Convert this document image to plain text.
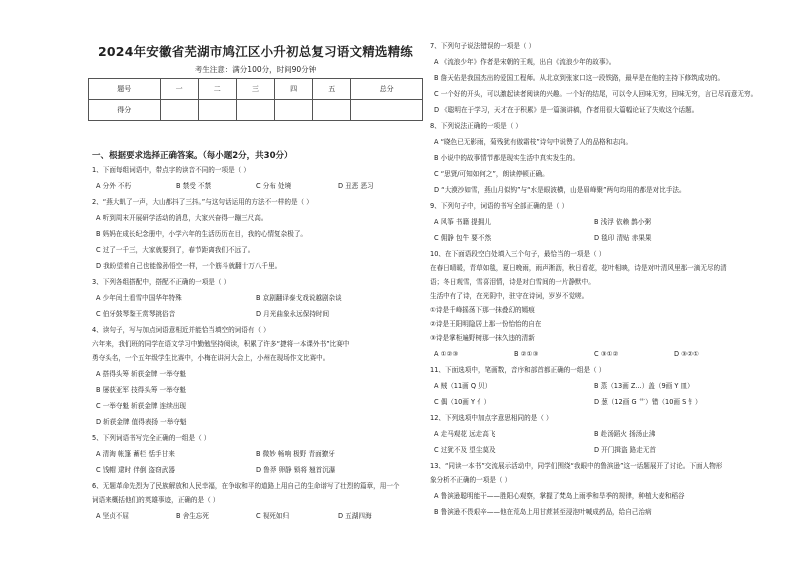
2024年安徽省芜湖市鸠江区小升初总复习语文精选精练
考生注意：满分100分，时间90分钟
题号	一	二	三	四	五	总分
得分						
一、根据要求选择正确答案。（每小题2分，共30分）
1、下面每组词语中，带点字的读音不同的一项是（ ）
A 分外 不朽	B 禁受 不禁	C 分布 处境	D 丑恶 恶习
2、“燕大虮了一声，大山都抖了三抖。”与这句话运用的方法不一样的是（ ）
A 听到周末开展研学活动的消息，大家兴奋得一蹦三尺高。
B 妈妈在成长纪念册中，小学六年的生活历历在目，我的心情复杂极了。
C 过了一千三，大家就要到了，春节距离我们不远了。
D 我盼望着自己也能像孙悟空一样，一个筋斗就翻十万八千里。
3、下列各组搭配中，搭配不正确的一项是（ ）
A 少年闰土看雪中国华年特殊	B 京剧翻译泰戈戏说越剧杂谈
C 伯牙鼓琴鉴王赏琴挑俗音	D 月光曲象永远保持时间
4、读句子，写与加点词语意相近并能恰当填空的词语有（ ）
六年来，我们班的同学在语文学习中勤勉坚持阅读，积累了许多“捷将一本课外书”比赛中
勇夺头名，一个五年级学生比赛中，小梅在讲河大会上，小州在现场作文比赛中。
A 搭得头筹 斩获金牌 一举夺魁
B 屡获亚军 技得头筹 一举夺魁
C 一举夺魁 斩获金牌 连续出现
D 斩获金牌 值得表扬 一举夺魁
5、下列词语书写完全正确的一组是（ ）
A 清淘 帐篷 蓄栏 恬手甘来	B 微妙 畅响 极野 青面獠牙
C 饯帽 逮时 伴倒 盗窃武器	D 鲁莽 卵静 锁将 翘首沉瀑
6、无题革命先烈为了民族解放和人民幸福，在争取和平的道路上用自己的生命谱写了壮烈的篇章，用一个
词语来概括他们的英雄事迹，正确的是（ ）
A 坚贞不屈	B 舍生忘死	C 视死如归	D 五湖四海
7、下列句子说法错误的一项是（ ）
A 《流浪少年》作者是宋朝的王观，出自《流浪少年的故事》。
B 詹天佑是我国杰出的爱国工程师。从北京到张家口这一段铁路，最早是在他的主持下修筑成功的。
C 一个好的开头，可以激起读者阅读的兴趣。一个好的结尾，可以令人回味无穷，回味无穷，言已尽而意无穷。
D 《聪明在于学习，天才在于积累》是一篇演讲稿，作者用很大篇幅论证了失败这个话题。
8、下列说法正确的一项是（ ）
A “晓色已无影雨，菊残犹有傲霜枝”诗句中说赞了人的品格和志向。
B 小说中的故事情节都是现实生活中真实发生的。
C “思贤/可知如何之”，朗读停顿正确。
D “大漠沙如雪，燕山月似钩”与“水是眼波横，山是眉峰聚”两句均用的都是对比手法。
9、下列句子中，词语的书写全部正确的是（ ）
A 风筝 书籍 提拥儿	B 浅浮 依赖 鹊小粥
C 佣静 包牛 要不然	D 毯印 清贴 赤果果
10、在下面语段空白处填入三个句子，最恰当的一项是（ ）
在春日晴暖，青草如毯，夏日晚雨，雨声淅沥，秋日看花，花叶相映，诗是对叶清风里那一滴无尽的清
语；冬日观雪，雪喜泪情，诗是对白雪间的一片静默中。
生活中有了诗，在光阴中，驻守在诗词，岁岁不觉嗟。
①诗是千峰摇荡下那一抹叠幻的嫣痕
②诗是王阳明隐居上那一份怡怡的自在
③诗是掌柜遍野树那一抹久违的清新
A ①②③	B ②①③	C ③①②	D ③②①
11、下面选项中，笔画数，音序和部首都正确的一组是（ ）
A 贼（11画 Q 贝）	B 蒸（13画 Z...）盖（9画 Y 皿）
C 偶（10画 Y 亻）	D 葱（12画 G 艹）错（10画 S 钅）
12、下列选项中加点字意思相同的是（ ）
A 走马观花 远走高飞	B 赴汤蹈火 扬汤止沸
C 过犹不及 望尘莫及	D 开门揖盗 路走无首
13、“同读一本书”交流展示活动中，同学们围绕“我眼中的鲁滨逊”这一话题展开了讨论。下面人物形
象分析不正确的一项是（ ）
A 鲁滨逊聪明能干——胜阳心观察，掌握了梵岛上雨季和旱季的规律，种植大麦和稻谷
B 鲁滨逊不畏艰辛——他在荒岛上用甘蔗甚至浸泡叶喊成药品，给自己治病
